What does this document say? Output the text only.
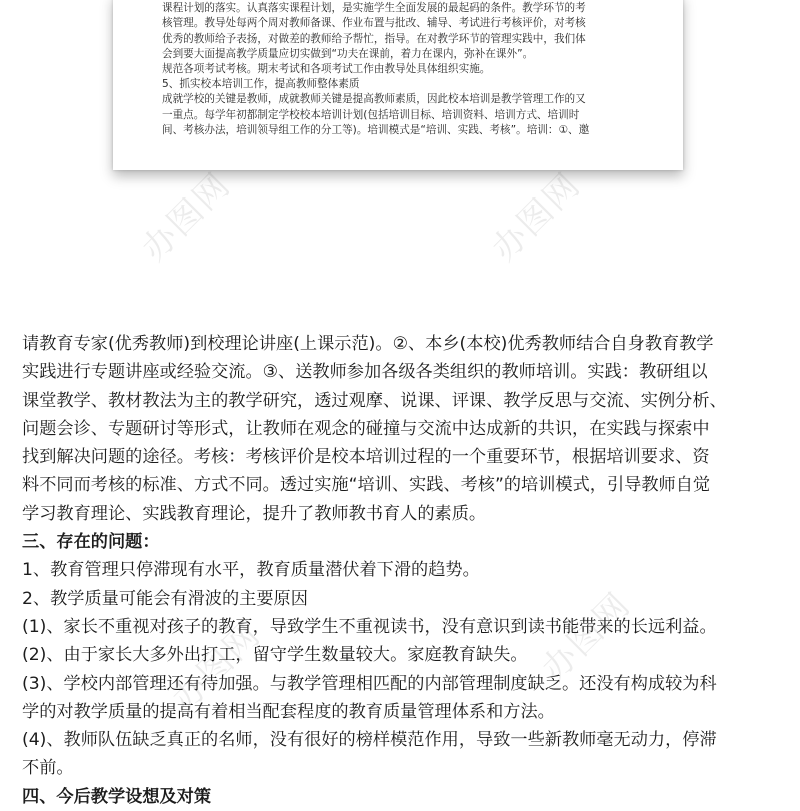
课程计划的落实。认真落实课程计划，是实施学生全面发展的最起码的条件。教学环节的考
核管理。教导处每两个周对教师备课、作业布置与批改、辅导、考试进行考核评价，对考核
优秀的教师给予表扬，对做差的教师给予帮忙，指导。在对教学环节的管理实践中，我们体
会到要大面提高教学质量应切实做到“功夫在课前，着力在课内，弥补在课外”。
规范各项考试考核。期末考试和各项考试工作由教导处具体组织实施。
5、抓实校本培训工作，提高教师整体素质
成就学校的关键是教师，成就教师关键是提高教师素质，因此校本培训是教学管理工作的又
一重点。每学年初都制定学校校本培训计划(包括培训目标、培训资料、培训方式、培训时
间、考核办法，培训领导组工作的分工等)。培训模式是“培训、实践、考核”。培训：①、邀
办图网	办图网
办图网
办图网
请教育专家(优秀教师)到校理论讲座(上课示范)。②、本乡(本校)优秀教师结合自身教育教学
实践进行专题讲座或经验交流。③、送教师参加各级各类组织的教师培训。实践：教研组以
课堂教学、教材教法为主的教学研究，透过观摩、说课、评课、教学反思与交流、实例分析、
问题会诊、专题研讨等形式，让教师在观念的碰撞与交流中达成新的共识，在实践与探索中
找到解决问题的途径。考核：考核评价是校本培训过程的一个重要环节，根据培训要求、资
料不同而考核的标准、方式不同。透过实施“培训、实践、考核”的培训模式，引导教师自觉
学习教育理论、实践教育理论，提升了教师教书育人的素质。
三、存在的问题：
1、教育管理只停滞现有水平，教育质量潜伏着下滑的趋势。
2、教学质量可能会有滑波的主要原因
(1)、家长不重视对孩子的教育，导致学生不重视读书，没有意识到读书能带来的长远利益。
(2)、由于家长大多外出打工，留守学生数量较大。家庭教育缺失。
(3)、学校内部管理还有待加强。与教学管理相匹配的内部管理制度缺乏。还没有构成较为科
学的对教学质量的提高有着相当配套程度的教育质量管理体系和方法。
(4)、教师队伍缺乏真正的名师，没有很好的榜样模范作用，导致一些新教师毫无动力，停滞
不前。
四、今后教学设想及对策
